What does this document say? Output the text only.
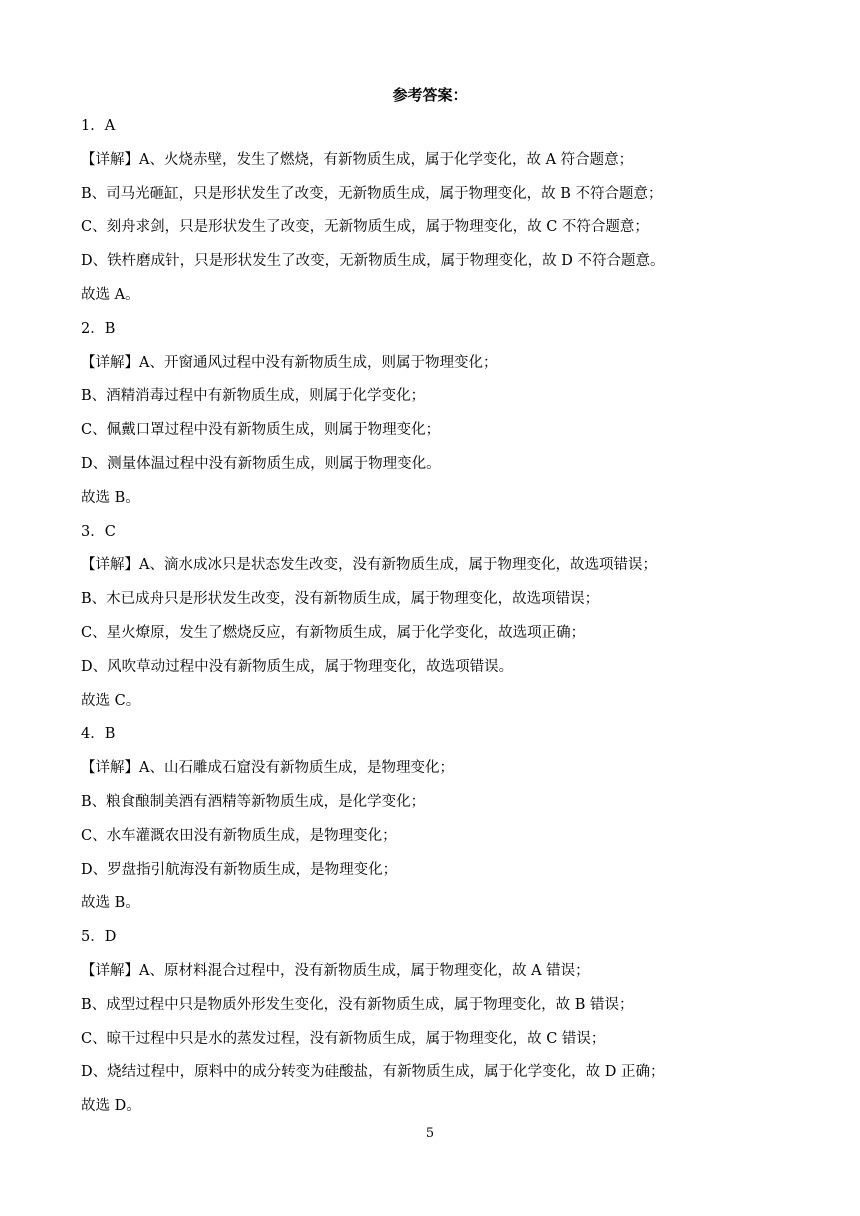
参考答案：
1．A
【详解】A、火烧赤壁，发生了燃烧，有新物质生成，属于化学变化，故 A 符合题意；
B、司马光砸缸，只是形状发生了改变，无新物质生成，属于物理变化，故 B 不符合题意；
C、刻舟求剑，只是形状发生了改变，无新物质生成，属于物理变化，故 C 不符合题意；
D、铁杵磨成针，只是形状发生了改变，无新物质生成，属于物理变化，故 D 不符合题意。
故选 A。
2．B
【详解】A、开窗通风过程中没有新物质生成，则属于物理变化；
B、酒精消毒过程中有新物质生成，则属于化学变化；
C、佩戴口罩过程中没有新物质生成，则属于物理变化；
D、测量体温过程中没有新物质生成，则属于物理变化。
故选 B。
3．C
【详解】A、滴水成冰只是状态发生改变，没有新物质生成，属于物理变化，故选项错误；
B、木已成舟只是形状发生改变，没有新物质生成，属于物理变化，故选项错误；
C、星火燎原，发生了燃烧反应，有新物质生成，属于化学变化，故选项正确；
D、风吹草动过程中没有新物质生成，属于物理变化，故选项错误。
故选 C。
4．B
【详解】A、山石雕成石窟没有新物质生成，是物理变化；
B、粮食酿制美酒有酒精等新物质生成，是化学变化；
C、水车灌溉农田没有新物质生成，是物理变化；
D、罗盘指引航海没有新物质生成，是物理变化；
故选 B。
5．D
【详解】A、原材料混合过程中，没有新物质生成，属于物理变化，故 A 错误；
B、成型过程中只是物质外形发生变化，没有新物质生成，属于物理变化，故 B 错误；
C、晾干过程中只是水的蒸发过程，没有新物质生成，属于物理变化，故 C 错误；
D、烧结过程中，原料中的成分转变为硅酸盐，有新物质生成，属于化学变化，故 D 正确；
故选 D。
5
